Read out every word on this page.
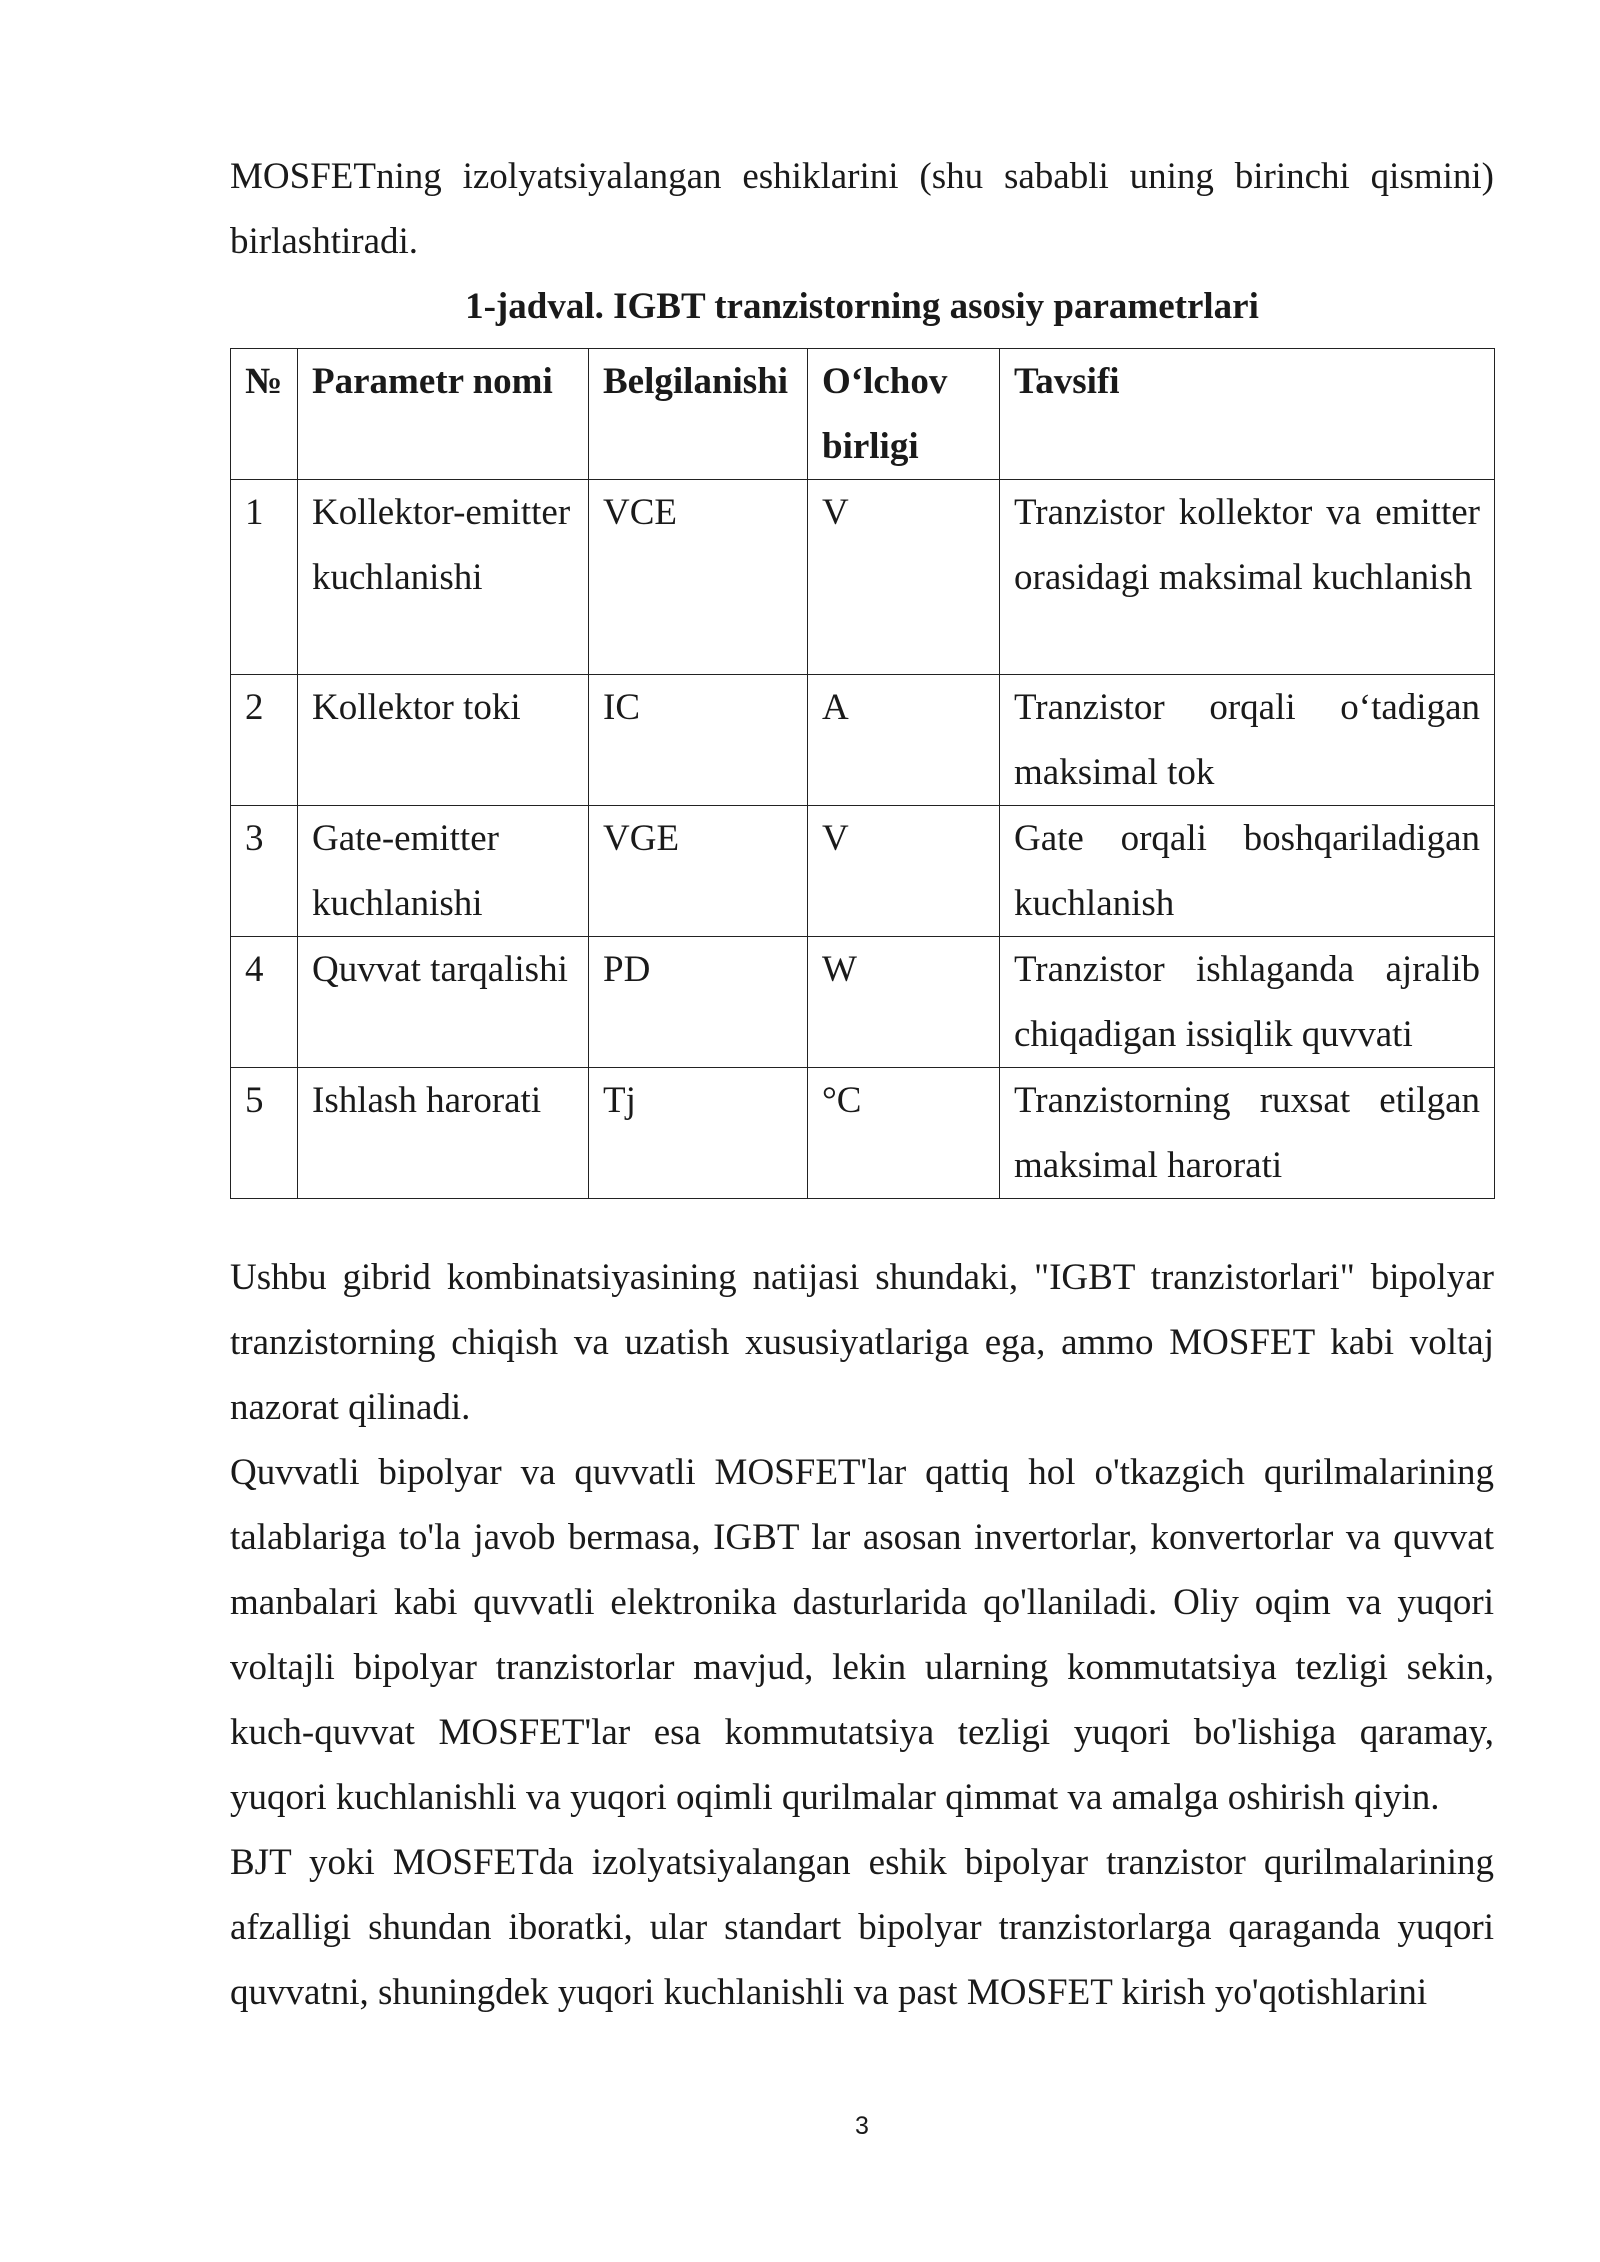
MOSFETning izolyatsiyalangan eshiklarini (shu sababli uning birinchi qismini) birlashtiradi.

1-jadval. IGBT tranzistorning asosiy parametrlari

№	Parametr nomi	Belgilanishi	O‘lchov birligi	Tavsifi
1	Kollektor-emitter kuchlanishi	VCE	V	Tranzistor kollektor va emitter orasidagi maksimal kuchlanish
2	Kollektor toki	IC	A	Tranzistor orqali o‘tadigan maksimal tok
3	Gate-emitter kuchlanishi	VGE	V	Gate orqali boshqariladigan kuchlanish
4	Quvvat tarqalishi	PD	W	Tranzistor ishlaganda ajralib chiqadigan issiqlik quvvati
5	Ishlash harorati	Tj	°C	Tranzistorning ruxsat etilgan maksimal harorati

Ushbu gibrid kombinatsiyasining natijasi shundaki, "IGBT tranzistorlari" bipolyar tranzistorning chiqish va uzatish xususiyatlariga ega, ammo MOSFET kabi voltaj nazorat qilinadi.

Quvvatli bipolyar va quvvatli MOSFET'lar qattiq hol o'tkazgich qurilmalarining talablariga to'la javob bermasa, IGBT lar asosan invertorlar, konvertorlar va quvvat manbalari kabi quvvatli elektronika dasturlarida qo'llaniladi. Oliy oqim va yuqori voltajli bipolyar tranzistorlar mavjud, lekin ularning kommutatsiya tezligi sekin, kuch-quvvat MOSFET'lar esa kommutatsiya tezligi yuqori bo'lishiga qaramay, yuqori kuchlanishli va yuqori oqimli qurilmalar qimmat va amalga oshirish qiyin.

BJT yoki MOSFETda izolyatsiyalangan eshik bipolyar tranzistor qurilmalarining afzalligi shundan iboratki, ular standart bipolyar tranzistorlarga qaraganda yuqori quvvatni, shuningdek yuqori kuchlanishli va past MOSFET kirish yo'qotishlarini

3
